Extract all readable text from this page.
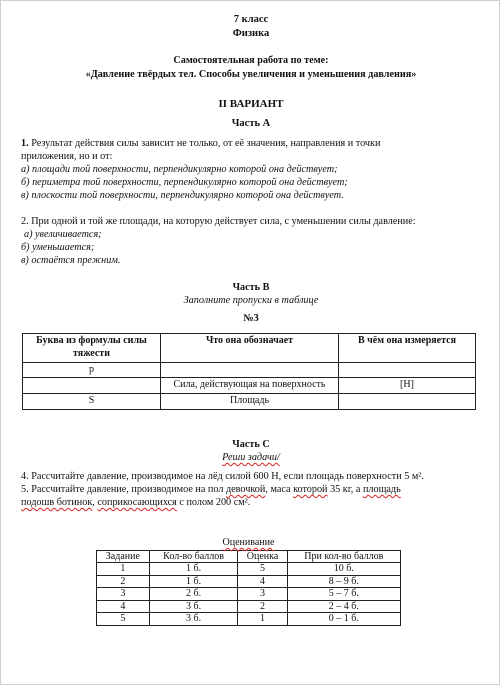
7 класс
Физика
Самостоятельная работа по теме:
«Давление твёрдых тел. Способы увеличения и уменьшения давления»
II ВАРИАНТ
Часть А

1. Результат действия силы зависит не только, от её значения, направления и точки

приложения, но и от:

а) площади той поверхности, перпендикулярно которой она действует;

б) периметра той поверхности, перпендикулярно которой она действует;

в) плоскости той поверхности, перпендикулярно которой она действует.

2. При одной и той же площади, на которую действует сила, с уменьшении силы давление:

а) увеличивается;

б) уменьшается;

в) остаётся прежним.

Часть В
Заполните пропуски в таблице
№3
Буква из формулы силы тяжести	Что она обозначает	В чём она измеряется
p		
	Сила, действующая на поверхность	[Н]
S	Площадь	
Часть С
Реши задачи/

4. Рассчитайте давление, производимое на лёд силой 600 Н, если площадь поверхности 5 м².

5. Рассчитайте давление, производимое на пол девочкой, маса которой 35 кг, а площадь

подошв ботинок, соприкосающихся с полом 200 см².

Оценивание
Задание	Кол-во баллов	Оценка	При кол-во баллов
1	1 б.	5	10 б.
2	1 б.	4	8 – 9 б.
3	2 б.	3	5 – 7 б.
4	3 б.	2	2 – 4 б.
5	3 б.	1	0 – 1 б.
